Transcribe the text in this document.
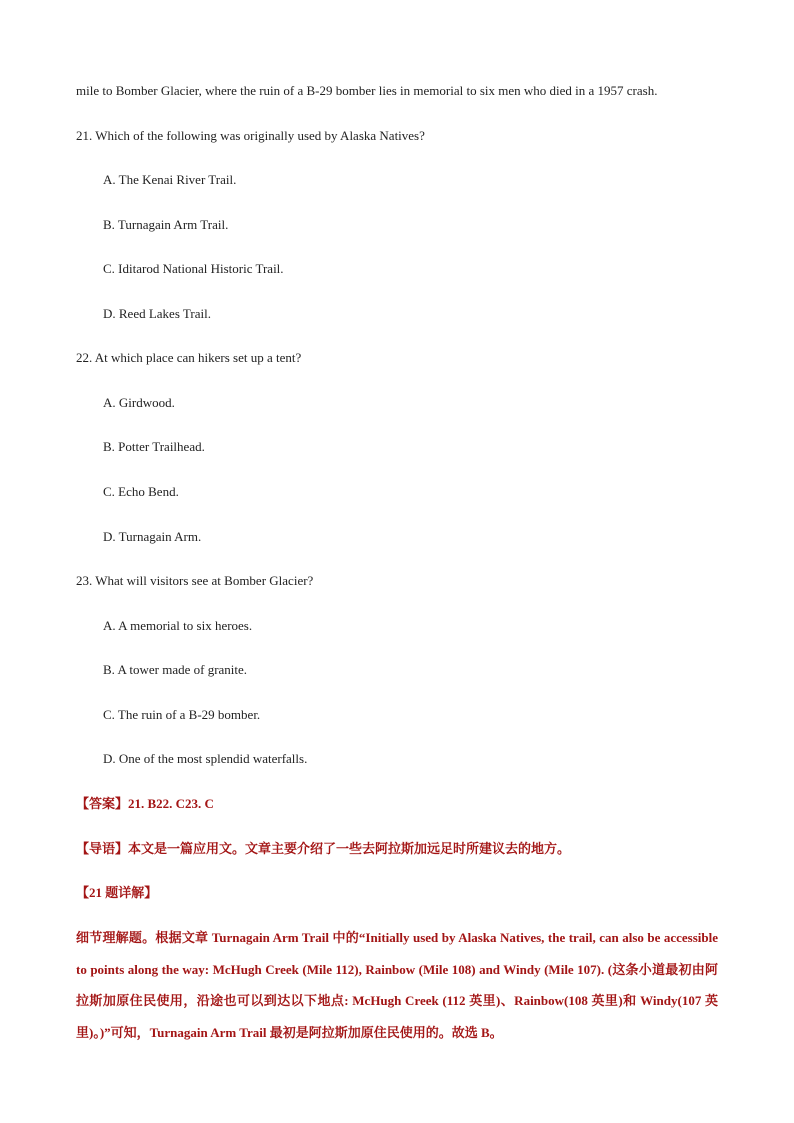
mile to Bomber Glacier, where the ruin of a B-29 bomber lies in memorial to six men who died in a 1957 crash.
21. Which of the following was originally used by Alaska Natives?
A. The Kenai River Trail.
B. Turnagain Arm Trail.
C. Iditarod National Historic Trail.
D. Reed Lakes Trail.
22. At which place can hikers set up a tent?
A. Girdwood.
B. Potter Trailhead.
C. Echo Bend.
D. Turnagain Arm.
23. What will visitors see at Bomber Glacier?
A. A memorial to six heroes.
B. A tower made of granite.
C. The ruin of a B-29 bomber.
D. One of the most splendid waterfalls.
【答案】21. B22. C23. C
【导语】本文是一篇应用文。文章主要介绍了一些去阿拉斯加远足时所建议去的地方。
【21 题详解】
细节理解题。根据文章 Turnagain Arm Trail 中的“Initially used by Alaska Natives, the trail, can also be accessible to points along the way: McHugh Creek (Mile 112), Rainbow (Mile 108) and Windy (Mile 107). (这条小道最初由阿拉斯加原住民使用，沿途也可以到达以下地点: McHugh Creek (112 英里)、Rainbow(108 英里)和 Windy(107 英里)。)”可知，Turnagain Arm Trail 最初是阿拉斯加原住民使用的。故选 B。
